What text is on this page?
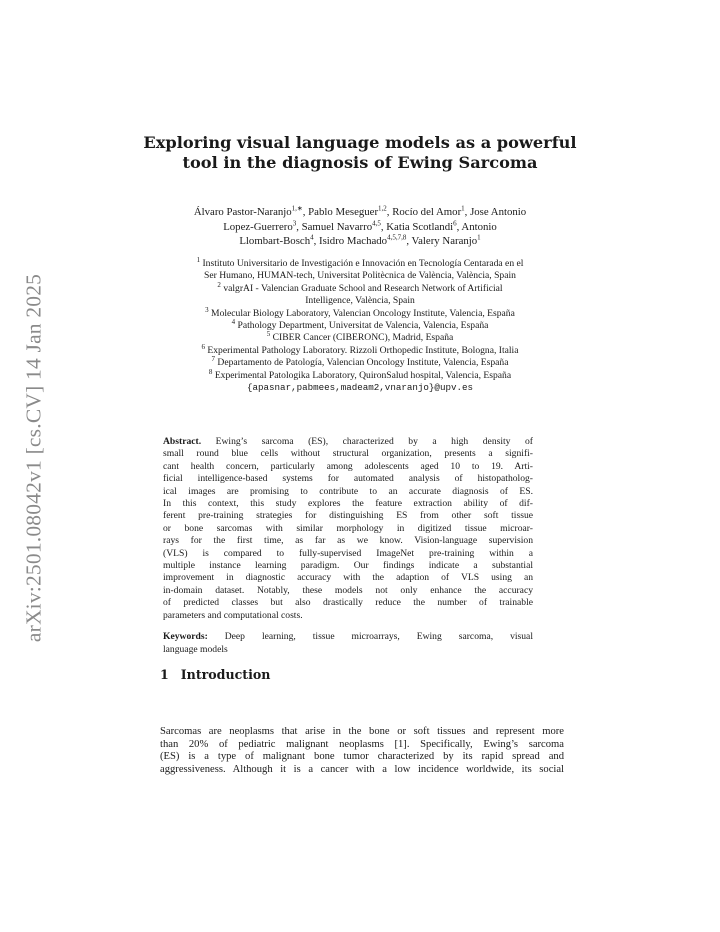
arXiv:2501.08042v1 [cs.CV] 14 Jan 2025
Exploring visual language models as a powerful
tool in the diagnosis of Ewing Sarcoma
Álvaro Pastor-Naranjo$^{1,∗}$, Pablo Meseguer$^{1,2}$, Rocío del Amor$^1$, Jose Antonio
Lopez-Guerrero$^3$, Samuel Navarro$^{4,5}$, Katia Scotlandi$^6$, Antonio
Llombart-Bosch$^4$, Isidro Machado$^{4,5,7,8}$, Valery Naranjo$^1$
$^1$ Instituto Universitario de Investigación e Innovación en Tecnología Centarada en el
Ser Humano, HUMAN-tech, Universitat Politècnica de València, València, Spain
$^2$ valgrAI - Valencian Graduate School and Research Network of Artificial
Intelligence, València, Spain
$^3$ Molecular Biology Laboratory, Valencian Oncology Institute, Valencia, España
$^4$ Pathology Department, Universitat de Valencia, Valencia, España
$^5$ CIBER Cancer (CIBERONC), Madrid, España
$^6$ Experimental Pathology Laboratory. Rizzoli Orthopedic Institute, Bologna, Italia
$^7$ Departamento de Patología, Valencian Oncology Institute, Valencia, España
$^8$ Experimental Patologika Laboratory, QuironSalud hospital, Valencia, España
{apasnar,pabmees,madeam2,vnaranjo}@upv.es
Abstract. Ewing’s sarcoma (ES), characterized by a high density of
small round blue cells without structural organization, presents a signifi-
cant health concern, particularly among adolescents aged 10 to 19. Arti-
ficial intelligence-based systems for automated analysis of histopatholog-
ical images are promising to contribute to an accurate diagnosis of ES.
In this context, this study explores the feature extraction ability of dif-
ferent pre-training strategies for distinguishing ES from other soft tissue
or bone sarcomas with similar morphology in digitized tissue microar-
rays for the first time, as far as we know. Vision-language supervision
(VLS) is compared to fully-supervised ImageNet pre-training within a
multiple instance learning paradigm. Our findings indicate a substantial
improvement in diagnostic accuracy with the adaption of VLS using an
in-domain dataset. Notably, these models not only enhance the accuracy
of predicted classes but also drastically reduce the number of trainable
parameters and computational costs.
Keywords: Deep learning, tissue microarrays, Ewing sarcoma, visual
language models
1 Introduction
Sarcomas are neoplasms that arise in the bone or soft tissues and represent more
than 20% of pediatric malignant neoplasms [1]. Specifically, Ewing’s sarcoma
(ES) is a type of malignant bone tumor characterized by its rapid spread and
aggressiveness. Although it is a cancer with a low incidence worldwide, its social
